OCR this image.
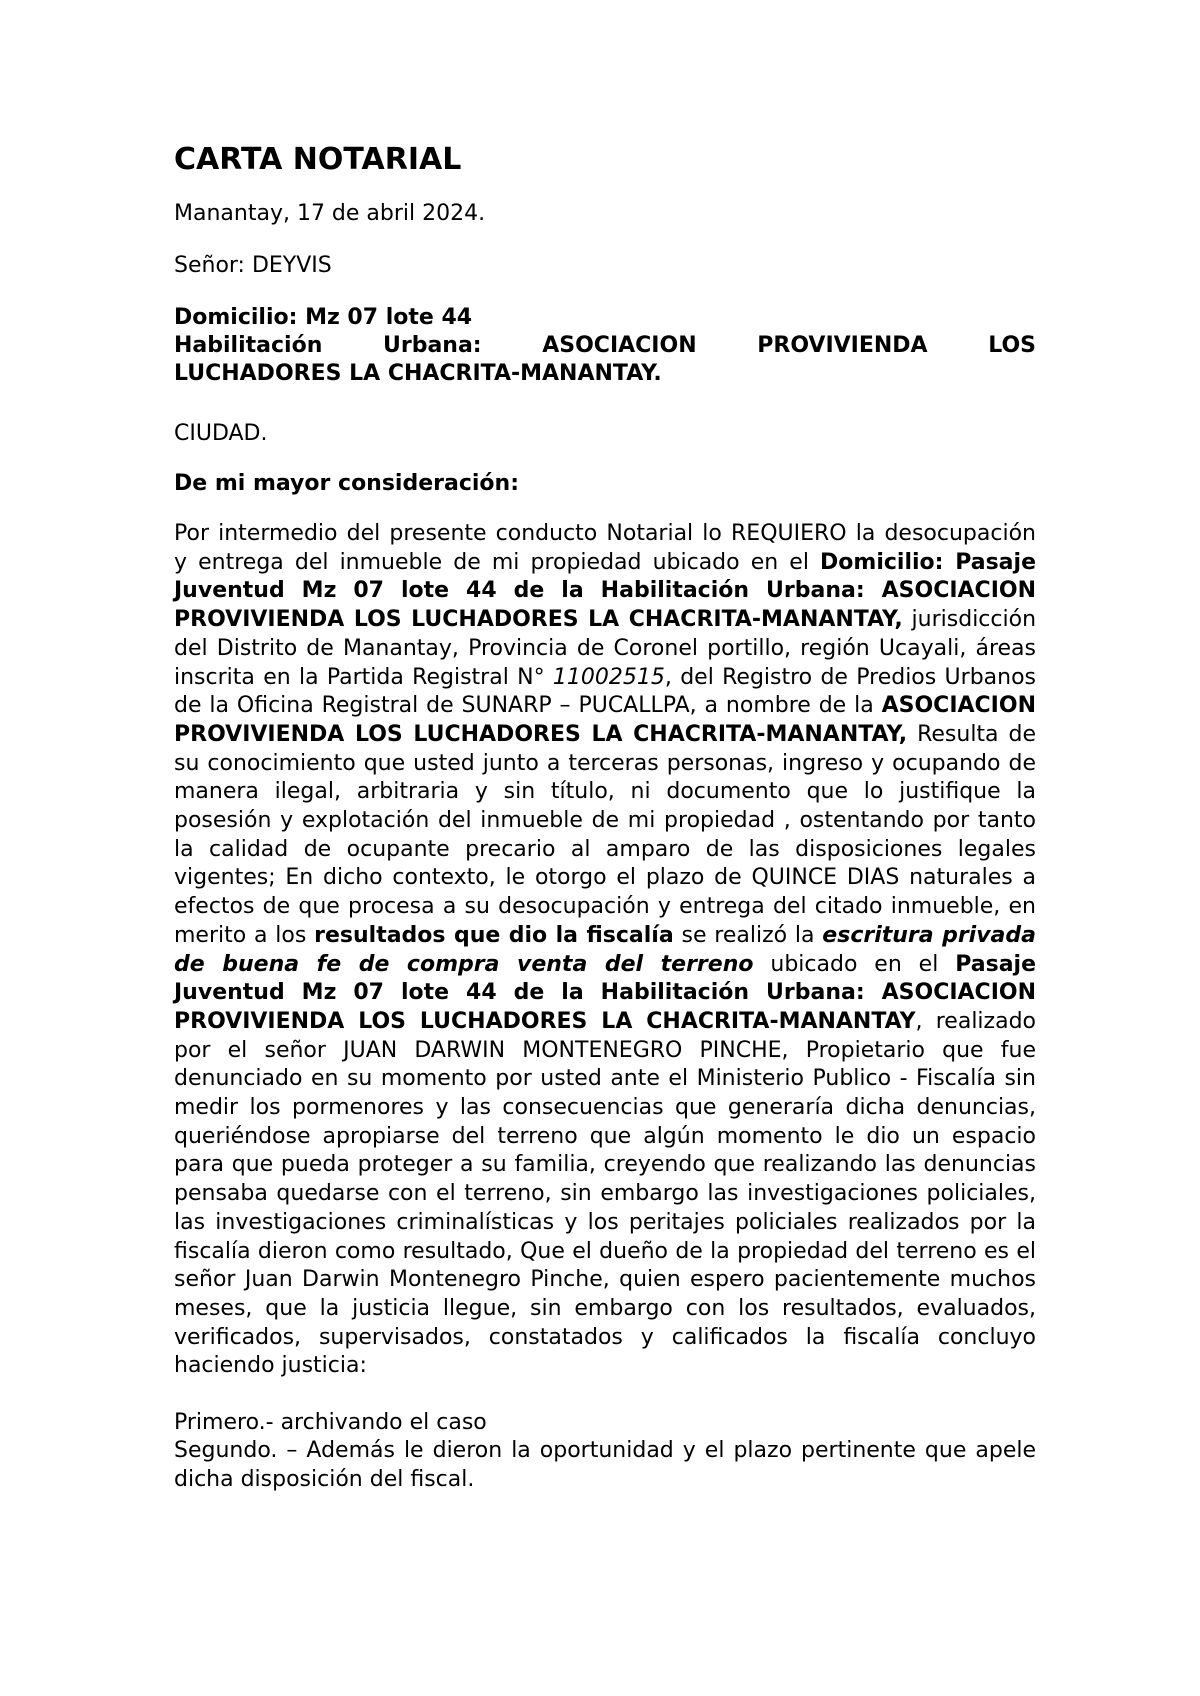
CARTA NOTARIAL

Manantay, 17 de abril 2024.

Señor: DEYVIS

Domicilio: Mz 07 lote 44

Habilitación	Urbana:	ASOCIACION	PROVIVIENDA	LOS

LUCHADORES LA CHACRITA-MANANTAY.

CIUDAD.

De mi mayor consideración:

Por intermedio del presente conducto Notarial lo REQUIERO la desocupación y entrega del inmueble de mi propiedad ubicado en el Domicilio: Pasaje Juventud Mz 07 lote 44 de la Habilitación Urbana: ASOCIACION PROVIVIENDA LOS LUCHADORES LA CHACRITA-MANANTAY, jurisdicción del Distrito de Manantay, Provincia de Coronel portillo, región Ucayali, áreas inscrita en la Partida Registral N° 11002515, del Registro de Predios Urbanos de la Oficina Registral de SUNARP – PUCALLPA, a nombre de la ASOCIACION PROVIVIENDA LOS LUCHADORES LA CHACRITA-MANANTAY, Resulta de su conocimiento que usted junto a terceras personas, ingreso y ocupando de manera ilegal, arbitraria y sin título, ni documento que lo justifique la posesión y explotación del inmueble de mi propiedad , ostentando por tanto la calidad de ocupante precario al amparo de las disposiciones legales vigentes; En dicho contexto, le otorgo el plazo de QUINCE DIAS naturales a efectos de que procesa a su desocupación y entrega del citado inmueble, en merito a los resultados que dio la fiscalía se realizó la escritura privada de buena fe de compra venta del terreno ubicado en el Pasaje Juventud Mz 07 lote 44 de la Habilitación Urbana: ASOCIACION PROVIVIENDA LOS LUCHADORES LA CHACRITA-MANANTAY, realizado por el señor JUAN DARWIN MONTENEGRO PINCHE, Propietario que fue denunciado en su momento por usted ante el Ministerio Publico - Fiscalía sin medir los pormenores y las consecuencias que generaría dicha denuncias, queriéndose apropiarse del terreno que algún momento le dio un espacio para que pueda proteger a su familia, creyendo que realizando las denuncias pensaba quedarse con el terreno, sin embargo las investigaciones policiales, las investigaciones criminalísticas y los peritajes policiales realizados por la fiscalía dieron como resultado, Que el dueño de la propiedad del terreno es el señor Juan Darwin Montenegro Pinche, quien espero pacientemente muchos meses, que la justicia llegue, sin embargo con los resultados, evaluados, verificados, supervisados, constatados y calificados la fiscalía concluyo haciendo justicia:

Primero.- archivando el caso

Segundo. – Además le dieron la oportunidad y el plazo pertinente que apele dicha disposición del fiscal.
